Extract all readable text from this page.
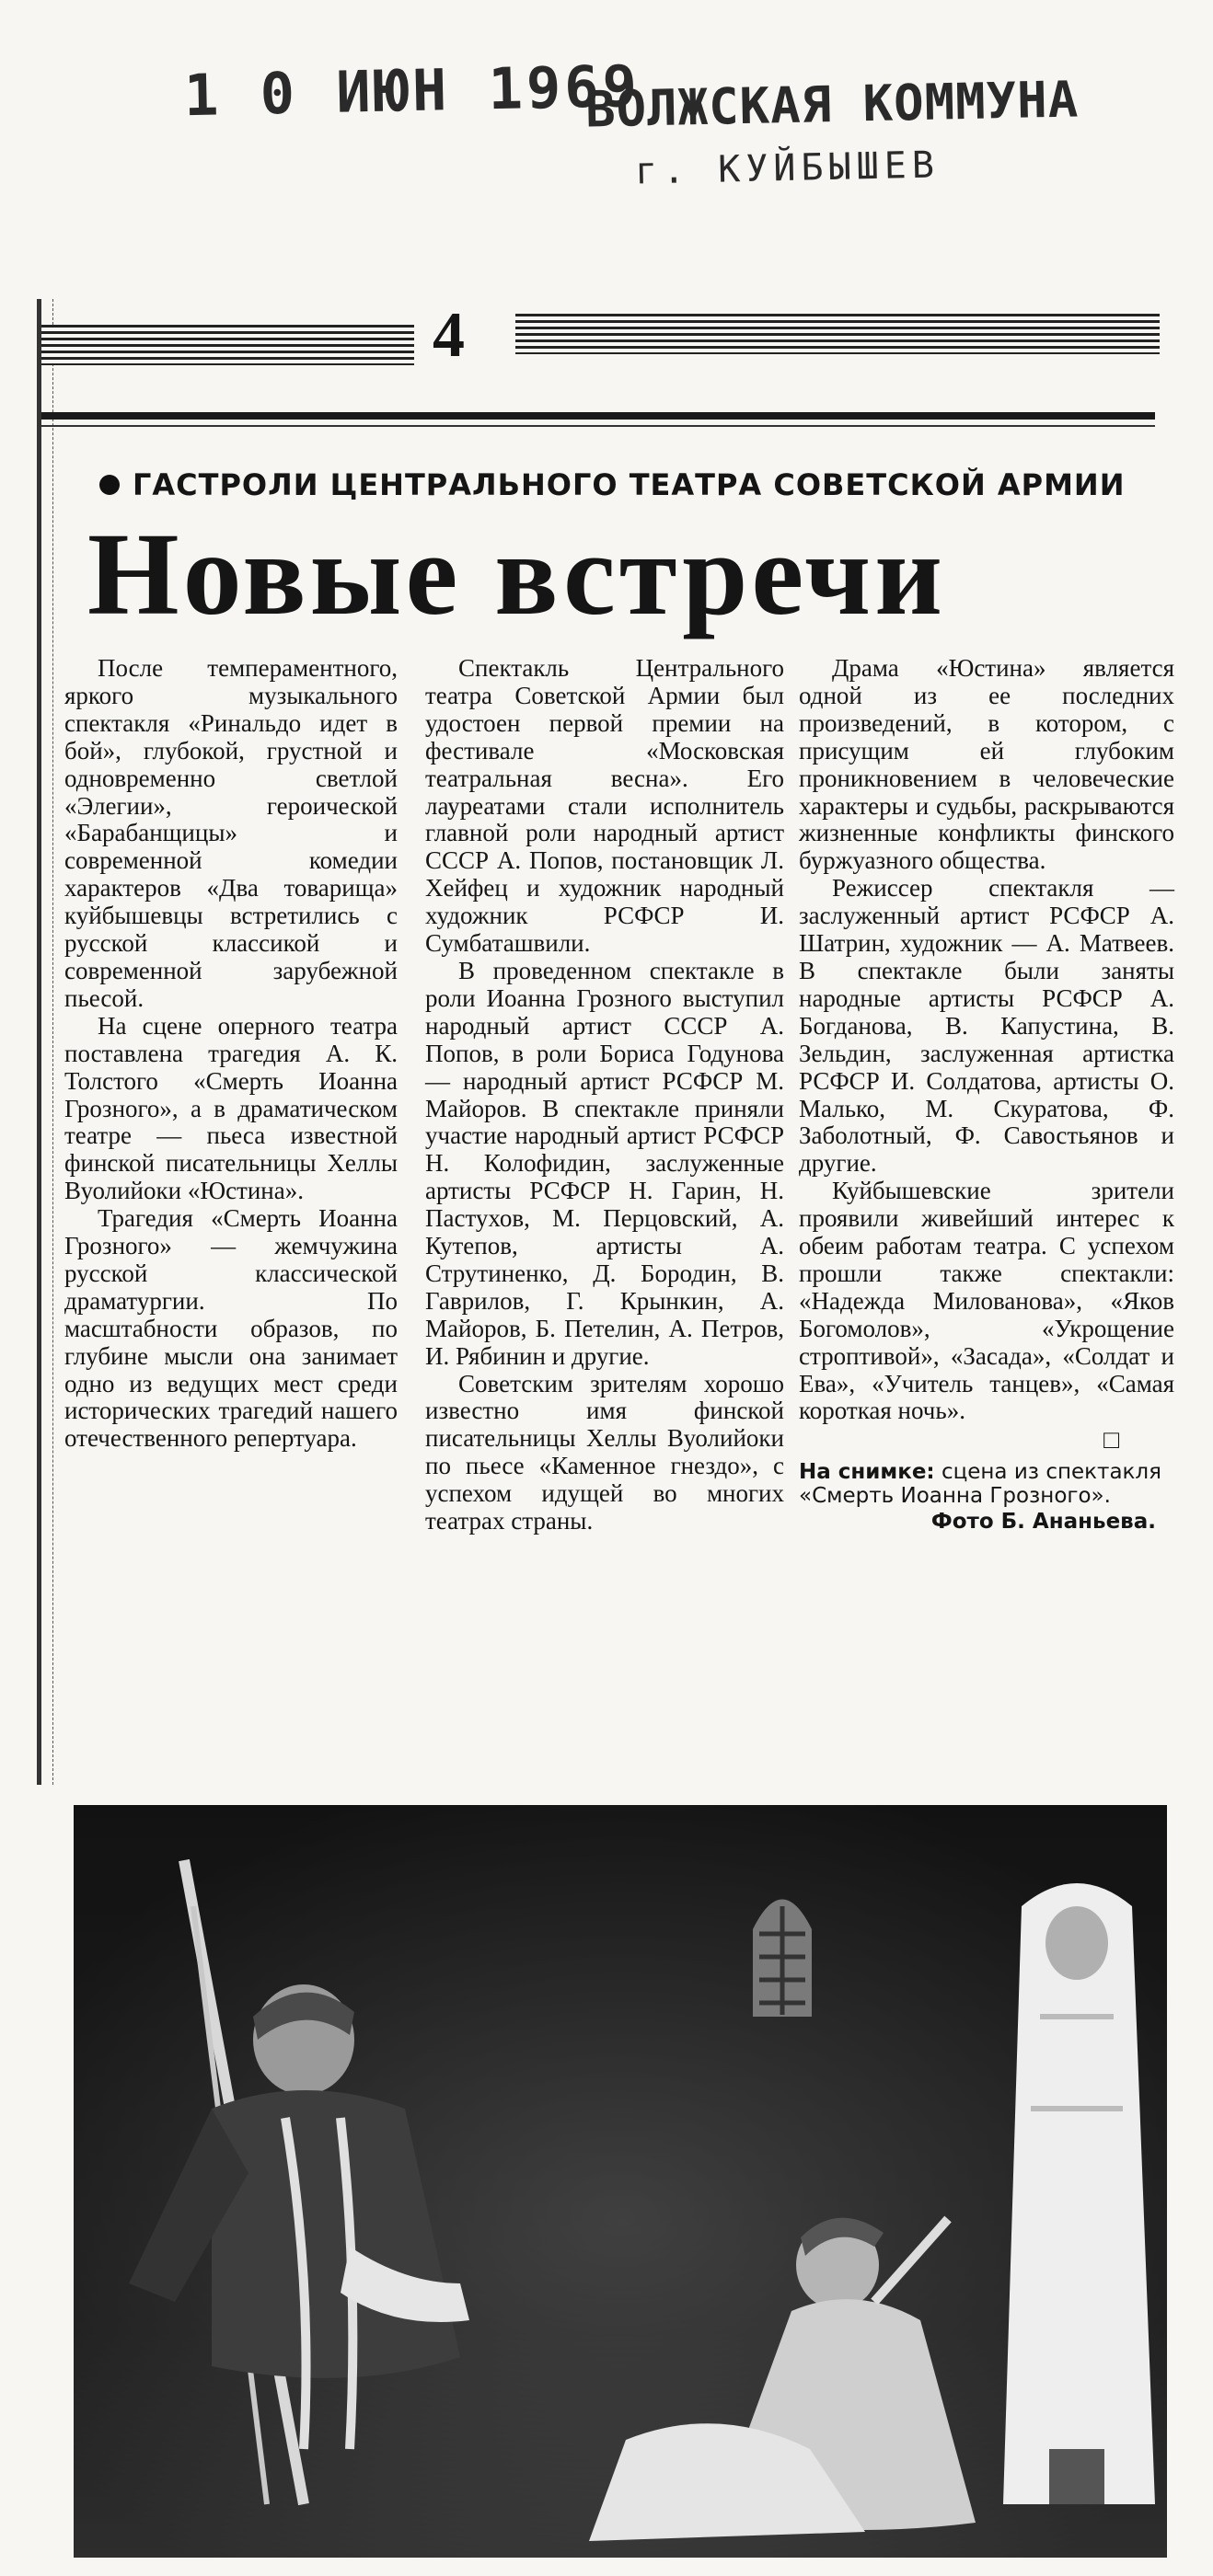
1 0 ИЮН 1969
ВОЛЖСКАЯ КОММУНА
г. КУЙБЫШЕВ
4
ГАСТРОЛИ ЦЕНТРАЛЬНОГО ТЕАТРА СОВЕТСКОЙ АРМИИ
Новые встречи

После темпераментного, яркого музыкального спектакля «Ринальдо идет в бой», глубокой, грустной и одновременно светлой «Элегии», героической «Барабанщицы» и современной комедии характеров «Два товарища» куйбышевцы встретились с русской классикой и современной зарубежной пьесой.

На сцене оперного театра поставлена трагедия А. К. Толстого «Смерть Иоанна Грозного», а в драматическом театре — пьеса известной финской писательницы Хеллы Вуолийоки «Юстина».

Трагедия «Смерть Иоанна Грозного» — жемчужина русской классической драматургии. По масштабности образов, по глубине мысли она занимает одно из ведущих мест среди исторических трагедий нашего отечественного репертуара.

Спектакль Центрального театра Советской Армии был удостоен первой премии на фестивале «Московская театральная весна». Его лауреатами стали исполнитель главной роли народный артист СССР А. Попов, постановщик Л. Хейфец и художник народный художник РСФСР И. Сумбаташвили.

В проведенном спектакле в роли Иоанна Грозного выступил народный артист СССР А. Попов, в роли Бориса Годунова — народный артист РСФСР М. Майоров. В спектакле приняли участие народный артист РСФСР Н. Колофидин, заслуженные артисты РСФСР Н. Гарин, Н. Пастухов, М. Перцовский, А. Кутепов, артисты А. Струтиненко, Д. Бородин, В. Гаврилов, Г. Крынкин, А. Майоров, Б. Петелин, А. Петров, И. Рябинин и другие.

Советским зрителям хорошо известно имя финской писательницы Хеллы Вуолийоки по пьесе «Каменное гнездо», с успехом идущей во многих театрах страны.

Драма «Юстина» является одной из ее последних произведений, в котором, с присущим ей глубоким проникновением в человеческие характеры и судьбы, раскрываются жизненные конфликты финского буржуазного общества.

Режиссер спектакля — заслуженный артист РСФСР А. Шатрин, художник — А. Матвеев. В спектакле были заняты народные артисты РСФСР А. Богданова, В. Капустина, В. Зельдин, заслуженная артистка РСФСР И. Солдатова, артисты О. Малько, М. Скуратова, Ф. Заболотный, Ф. Савостьянов и другие.

Куйбышевские зрители проявили живейший интерес к обеим работам театра. С успехом прошли также спектакли: «Надежда Милованова», «Яков Богомолов», «Укрощение строптивой», «Засада», «Солдат и Ева», «Учитель танцев», «Самая короткая ночь».

□
На снимке: сцена из спектакля «Смерть Иоанна Грозного».
Фото Б. Ананьева.
